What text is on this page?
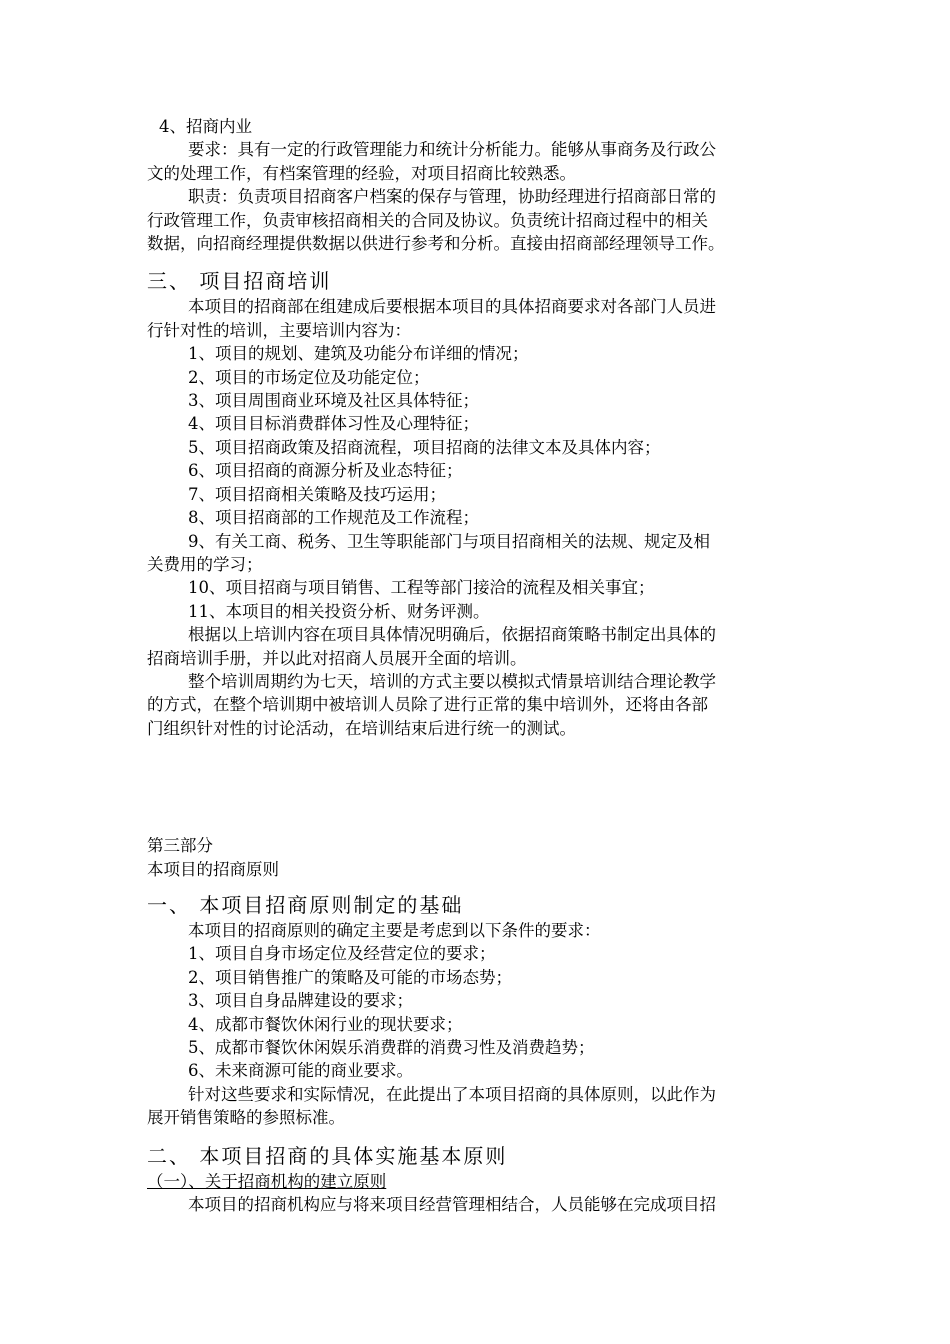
4、招商内业
要求：具有一定的行政管理能力和统计分析能力。能够从事商务及行政公
文的处理工作，有档案管理的经验，对项目招商比较熟悉。
职责：负责项目招商客户档案的保存与管理，协助经理进行招商部日常的
行政管理工作，负责审核招商相关的合同及协议。负责统计招商过程中的相关
数据，向招商经理提供数据以供进行参考和分析。直接由招商部经理领导工作。
三、 项目招商培训
本项目的招商部在组建成后要根据本项目的具体招商要求对各部门人员进
行针对性的培训，主要培训内容为：
1、项目的规划、建筑及功能分布详细的情况；
2、项目的市场定位及功能定位；
3、项目周围商业环境及社区具体特征；
4、项目目标消费群体习性及心理特征；
5、项目招商政策及招商流程，项目招商的法律文本及具体内容；
6、项目招商的商源分析及业态特征；
7、项目招商相关策略及技巧运用；
8、项目招商部的工作规范及工作流程；
9、有关工商、税务、卫生等职能部门与项目招商相关的法规、规定及相
关费用的学习；
10、项目招商与项目销售、工程等部门接洽的流程及相关事宜；
11、本项目的相关投资分析、财务评测。
根据以上培训内容在项目具体情况明确后，依据招商策略书制定出具体的
招商培训手册，并以此对招商人员展开全面的培训。
整个培训周期约为七天，培训的方式主要以模拟式情景培训结合理论教学
的方式，在整个培训期中被培训人员除了进行正常的集中培训外，还将由各部
门组织针对性的讨论活动，在培训结束后进行统一的测试。
第三部分
本项目的招商原则
一、 本项目招商原则制定的基础
本项目的招商原则的确定主要是考虑到以下条件的要求：
1、项目自身市场定位及经营定位的要求；
2、项目销售推广的策略及可能的市场态势；
3、项目自身品牌建设的要求；
4、成都市餐饮休闲行业的现状要求；
5、成都市餐饮休闲娱乐消费群的消费习性及消费趋势；
6、未来商源可能的商业要求。
针对这些要求和实际情况，在此提出了本项目招商的具体原则，以此作为
展开销售策略的参照标准。
二、 本项目招商的具体实施基本原则
（一）、关于招商机构的建立原则
本项目的招商机构应与将来项目经营管理相结合，人员能够在完成项目招
